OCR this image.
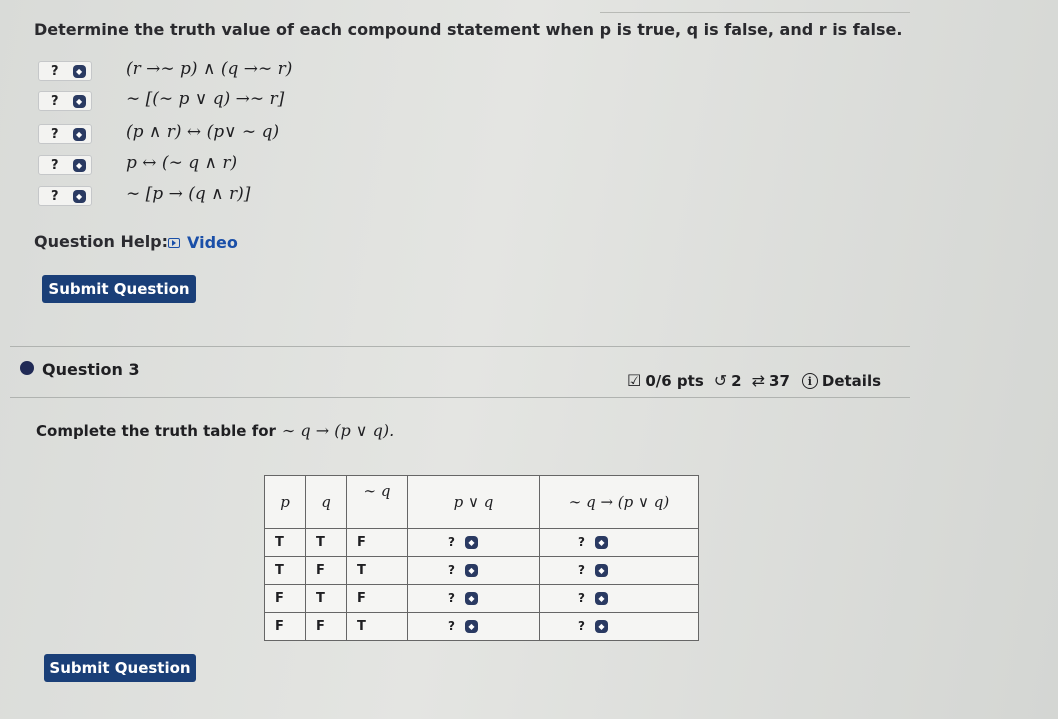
Determine the truth value of each compound statement when p is true, q is false, and r is false.
?	◆	(r →∼ p) ∧ (q →∼ r)
?	◆	∼ [(∼ p ∨ q) →∼ r]
?	◆	(p ∧ r) ↔ (p∨ ∼ q)
?	◆	p ↔ (∼ q ∧ r)
?	◆	∼ [p → (q ∧ r)]
Question Help: Video
Submit Question
Question 3
☑ 0/6 pts ↺ 2 ⇄ 37	i Details
Complete the truth table for ∼ q → (p ∨ q).
p	q	∼ q	p ∨ q	∼ q → (p ∨ q)
T	T	F	? ◆	? ◆

T	F	T	? ◆	? ◆

F	T	F	? ◆	? ◆

F	F	T	? ◆	? ◆
Submit Question
